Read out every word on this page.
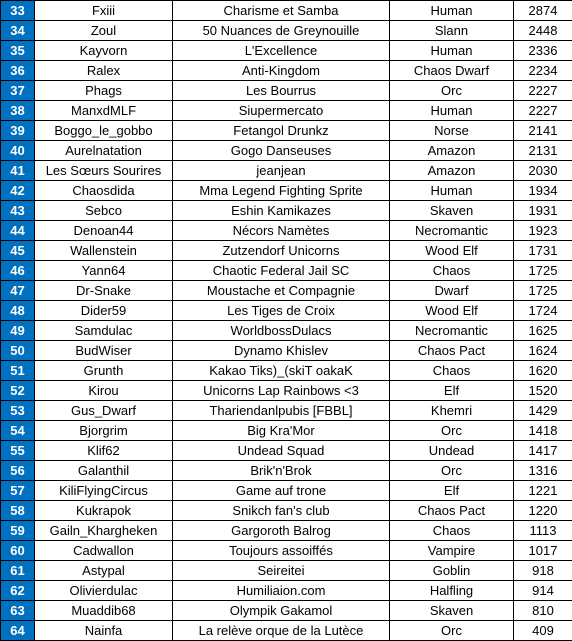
33	Fxiii	Charisme et Samba	Human	2874
34	Zoul	50 Nuances de Greynouille	Slann	2448
35	Kayvorn	L'Excellence	Human	2336
36	Ralex	Anti-Kingdom	Chaos Dwarf	2234
37	Phags	Les Bourrus	Orc	2227
38	ManxdMLF	Siupermercato	Human	2227
39	Boggo_le_gobbo	Fetangol Drunkz	Norse	2141
40	Aurelnatation	Gogo Danseuses	Amazon	2131
41	Les Sœurs Sourires	jeanjean	Amazon	2030
42	Chaosdida	Mma Legend Fighting Sprite	Human	1934
43	Sebco	Eshin Kamikazes	Skaven	1931
44	Denoan44	Nécors Namètes	Necromantic	1923
45	Wallenstein	Zutzendorf Unicorns	Wood Elf	1731
46	Yann64	Chaotic Federal Jail SC	Chaos	1725
47	Dr-Snake	Moustache et Compagnie	Dwarf	1725
48	Dider59	Les Tiges de Croix	Wood Elf	1724
49	Samdulac	WorldbossDulacs	Necromantic	1625
50	BudWiser	Dynamo Khislev	Chaos Pact	1624
51	Grunth	Kakao Tiks)_(skiT oakaK	Chaos	1620
52	Kirou	Unicorns Lap Rainbows <3	Elf	1520
53	Gus_Dwarf	Thariendanlpubis [FBBL]	Khemri	1429
54	Bjorgrim	Big Kra'Mor	Orc	1418
55	Klif62	Undead Squad	Undead	1417
56	Galanthil	Brik'n'Brok	Orc	1316
57	KiliFlyingCircus	Game auf trone	Elf	1221
58	Kukrapok	Snikch fan's club	Chaos Pact	1220
59	Gailn_Khargheken	Gargoroth Balrog	Chaos	1113
60	Cadwallon	Toujours assoiffés	Vampire	1017
61	Astypal	Seireitei	Goblin	918
62	Olivierdulac	Humiliaion.com	Halfling	914
63	Muaddib68	Olympik Gakamol	Skaven	810
64	Nainfa	La relève orque de la Lutèce	Orc	409
